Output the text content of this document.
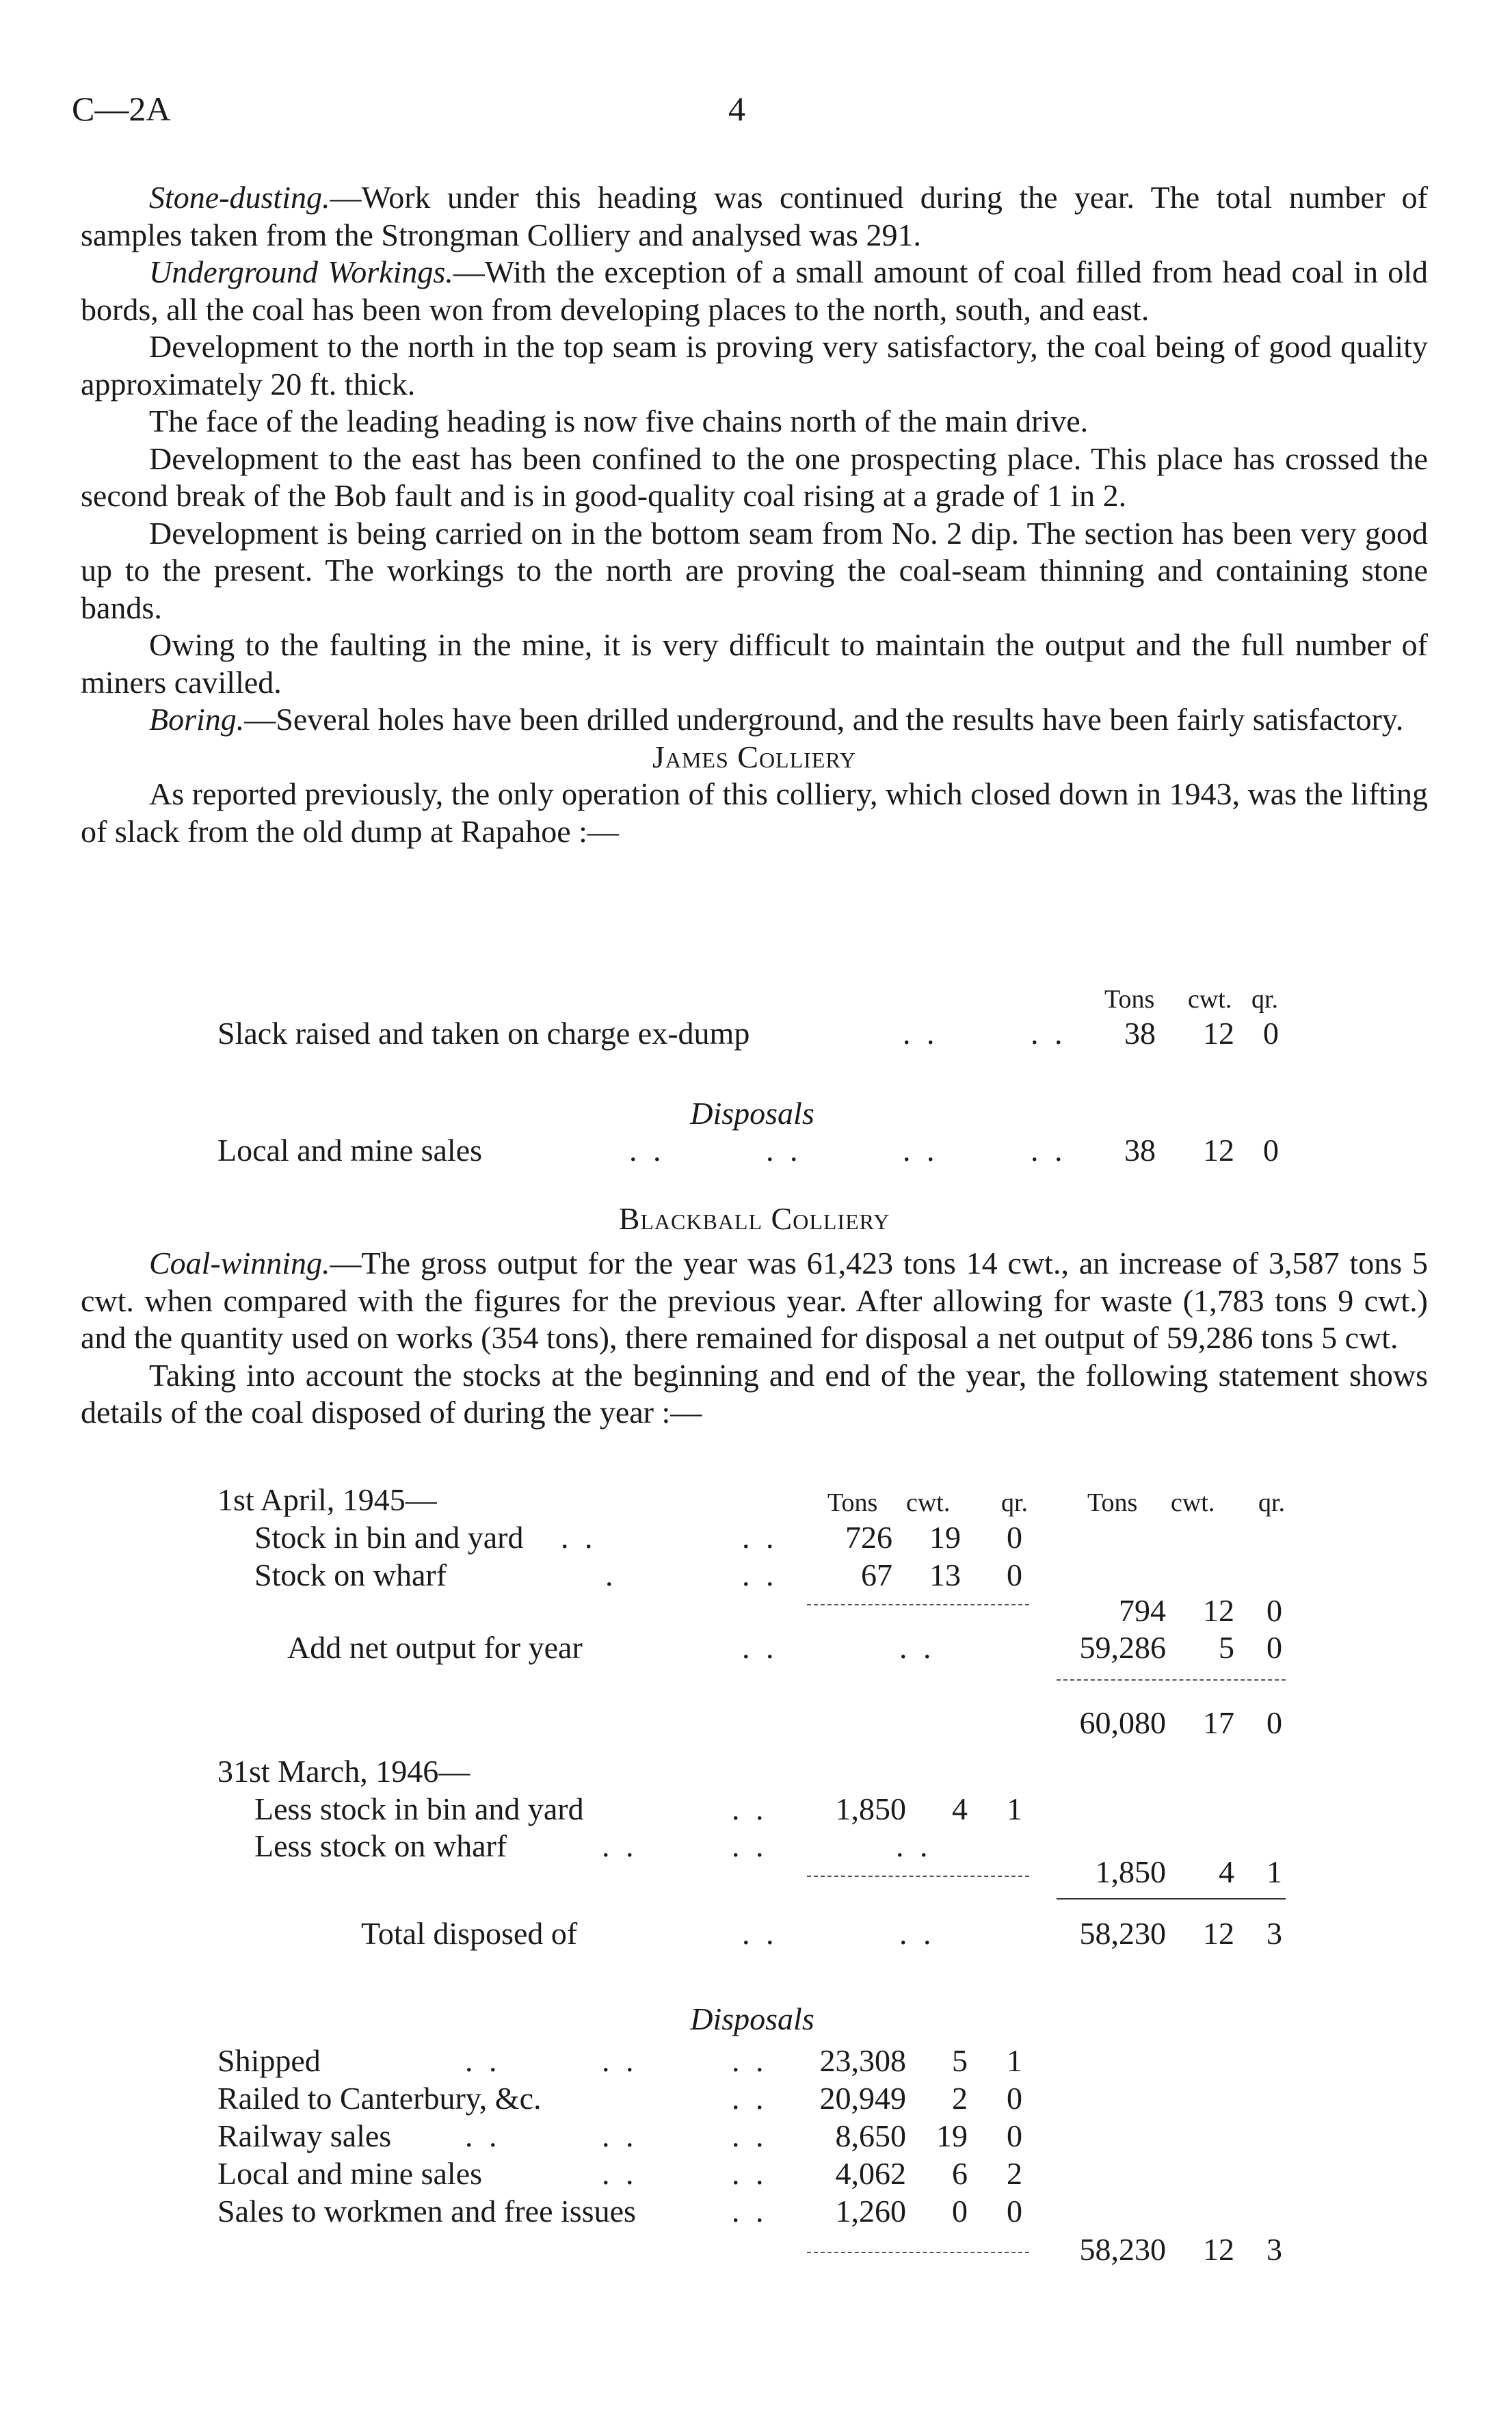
C—2A	4

Stone-dusting.—Work under this heading was continued during the year. The total number of samples taken from the Strongman Colliery and analysed was 291.

Underground Workings.—With the exception of a small amount of coal filled from head coal in old bords, all the coal has been won from developing places to the north, south, and east.

Development to the north in the top seam is proving very satisfactory, the coal being of good quality approximately 20 ft. thick.

The face of the leading heading is now five chains north of the main drive.

Development to the east has been confined to the one prospecting place. This place has crossed the second break of the Bob fault and is in good-quality coal rising at a grade of 1 in 2.

Development is being carried on in the bottom seam from No. 2 dip. The section has been very good up to the present. The workings to the north are proving the coal-seam thinning and containing stone bands.

Owing to the faulting in the mine, it is very difficult to maintain the output and the full number of miners cavilled.

Boring.—Several holes have been drilled underground, and the results have been fairly satisfactory.

James Colliery

As reported previously, the only operation of this colliery, which closed down in 1943, was the lifting of slack from the old dump at Rapahoe :—

Tons cwt. qr.
Slack raised and taken on charge ex-dump	. .	. .	38	12 0
Disposals
Local and mine sales	. .	. .	. .	. .	38	12 0
Blackball Colliery

Coal-winning.—The gross output for the year was 61,423 tons 14 cwt., an increase of 3,587 tons 5 cwt. when compared with the figures for the previous year. After allowing for waste (1,783 tons 9 cwt.) and the quantity used on works (354 tons), there remained for disposal a net output of 59,286 tons 5 cwt.

Taking into account the stocks at the beginning and end of the year, the following statement shows details of the coal disposed of during the year :—

Tons cwt. qr. Tons cwt. qr.
1st April, 1945—
Stock in bin and yard . .	. .	726	19	0
Stock on wharf	.	. .	67	13	0
794	12	0
Add net output for year	. .	. .	59,286	5	0
60,080	17	0
31st March, 1946—
Less stock in bin and yard	. .	1,850	4	1
Less stock on wharf	. .	. .	. .
1,850	4	1
Total disposed of	. .	. .	58,230	12	3
Disposals
Shipped	. .	. .	. .	23,308	5	1
Railed to Canterbury, &c.	. .	20,949	2	0
Railway sales . .	. .	. .	8,650 19	0
Local and mine sales	. .	. .	4,062	6	2
Sales to workmen and free issues	. .	1,260	0	0
58,230	12	3
